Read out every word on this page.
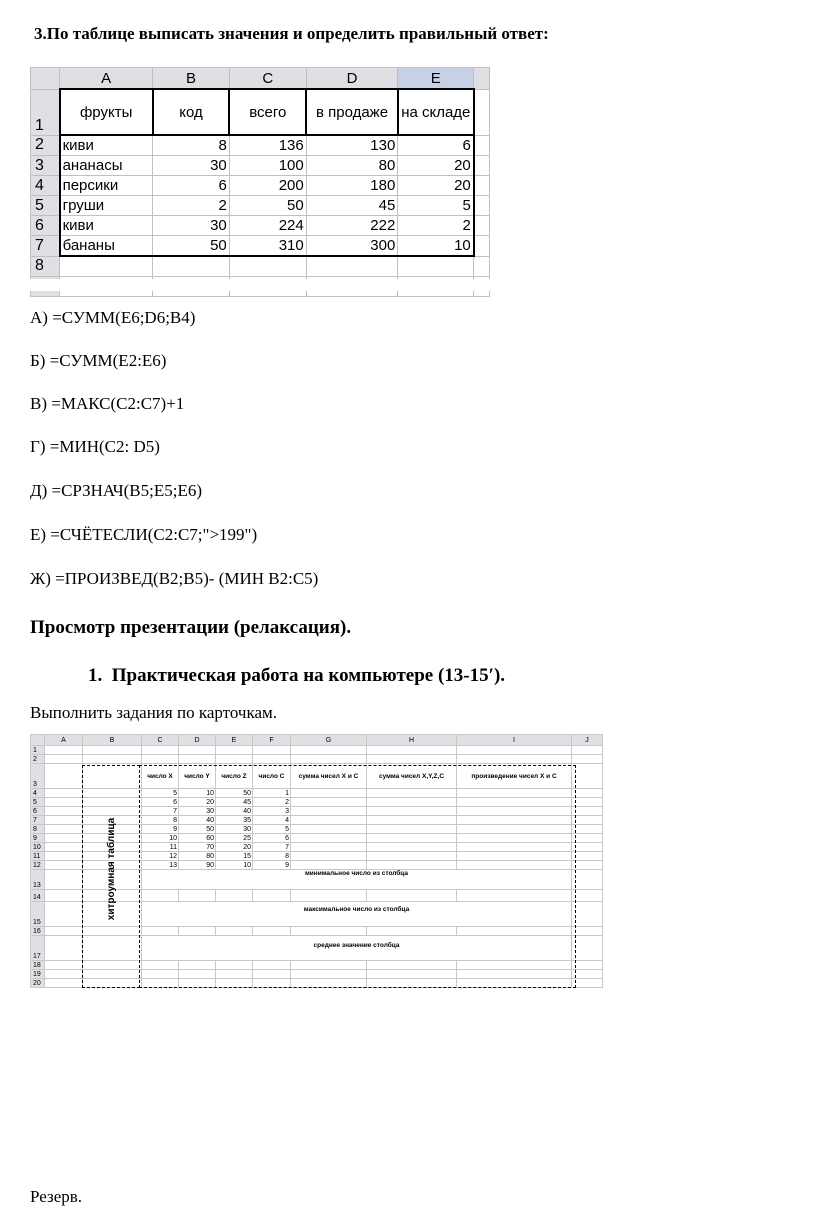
3.По таблице выписать значения и определить правильный ответ:
	A	B	C	D	E	
1	фрукты	код	всего	в продаже	на складе	
2	киви	8	136	130	6	
3	ананасы	30	100	80	20	
4	персики	6	200	180	20	
5	груши	2	50	45	5	
6	киви	30	224	222	2	
7	бананы	50	310	300	10	
8						

А) =СУММ(E6;D6;B4)
Б) =СУММ(E2:E6)
В) =МАКС(C2:C7)+1
Г) =МИН(C2: D5)
Д) =СРЗНАЧ(B5;E5;E6)
Е) =СЧЁТЕСЛИ(C2:C7;">199")
Ж) =ПРОИЗВЕД(B2;B5)- (МИН B2:C5)
Просмотр презентации (релаксация).
1. Практическая работа на компьютере (13-15′).
Выполнить задания по карточкам.
	A	B	C	D	E	F	G	H	I	J
1										
2										
3			число X	число Y	число Z	число C	сумма чисел X и C	сумма чисел X,Y,Z,C	произведение чисел X и C	
4			5	10	50	1				
5			6	20	45	2				
6			7	30	40	3				
7			8	40	35	4				
8			9	50	30	5				
9			10	60	25	6				
10			11	70	20	7				
11			12	80	15	8				
12			13	90	10	9				
13			минимальное число из столбца							
14										
15			максимальное число из столбца							
16										
17			среднее значение столбца							
18										
19										
20										
хитроумная таблица
Резерв.
